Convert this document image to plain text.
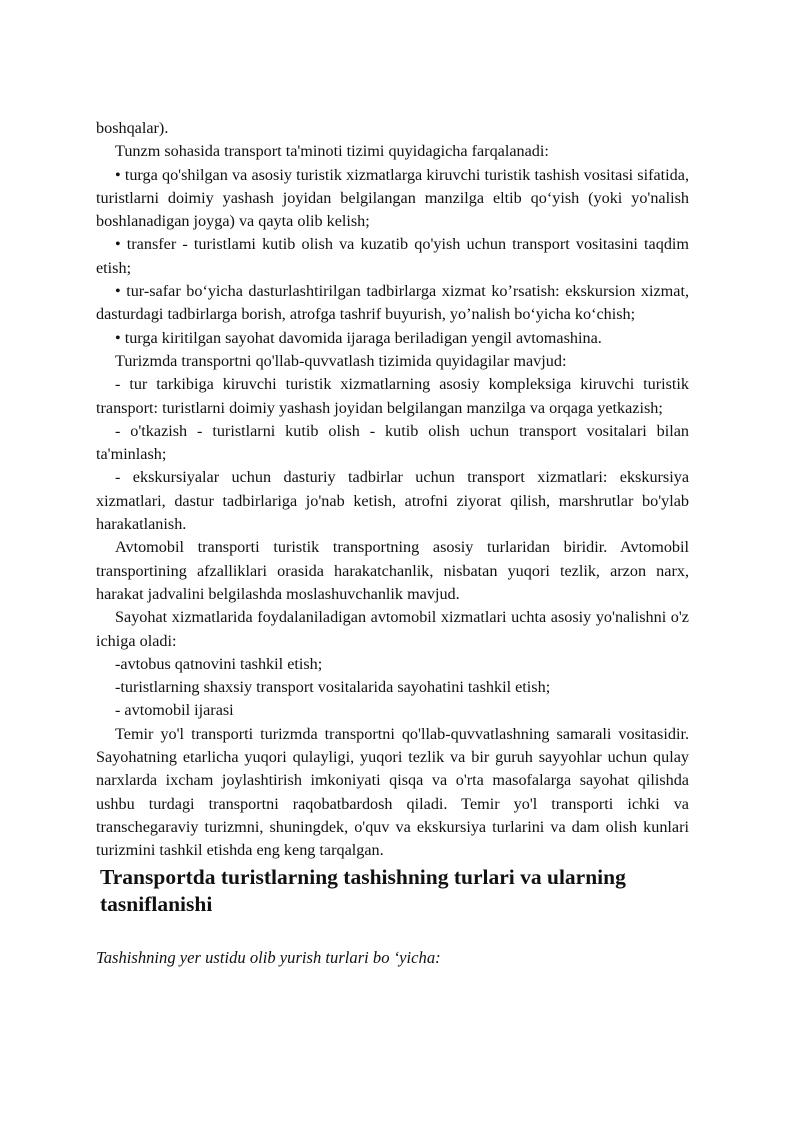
boshqalar).

Tunzm sohasida transport ta'minoti tizimi quyidagicha farqalanadi:

• turga qo'shilgan va asosiy turistik xizmatlarga kiruvchi turistik tashish vositasi sifatida, turistlarni doimiy yashash joyidan belgilangan manzilga eltib qo‘yish (yoki yo'nalish boshlanadigan joyga) va qayta olib kelish;

• transfer - turistlami kutib olish va kuzatib qo'yish uchun transport vositasini taqdim etish;

• tur-safar bo‘yicha dasturlashtirilgan tadbirlarga xizmat ko’rsatish: ekskursion xizmat, dasturdagi tadbirlarga borish, atrofga tashrif buyurish, yo’nalish bo‘yicha ko‘chish;

• turga kiritilgan sayohat davomida ijaraga beriladigan yengil avtomashina.

Turizmda transportni qo'llab-quvvatlash tizimida quyidagilar mavjud:

- tur tarkibiga kiruvchi turistik xizmatlarning asosiy kompleksiga kiruvchi turistik transport: turistlarni doimiy yashash joyidan belgilangan manzilga va orqaga yetkazish;

- o'tkazish - turistlarni kutib olish - kutib olish uchun transport vositalari bilan ta'minlash;

- ekskursiyalar uchun dasturiy tadbirlar uchun transport xizmatlari: ekskursiya xizmatlari, dastur tadbirlariga jo'nab ketish, atrofni ziyorat qilish, marshrutlar bo'ylab harakatlanish.

Avtomobil transporti turistik transportning asosiy turlaridan biridir. Avtomobil transportining afzalliklari orasida harakatchanlik, nisbatan yuqori tezlik, arzon narx, harakat jadvalini belgilashda moslashuvchanlik mavjud.

Sayohat xizmatlarida foydalaniladigan avtomobil xizmatlari uchta asosiy yo'nalishni o'z ichiga oladi:

-avtobus qatnovini tashkil etish;

-turistlarning shaxsiy transport vositalarida sayohatini tashkil etish;

- avtomobil ijarasi

Temir yo'l transporti turizmda transportni qo'llab-quvvatlashning samarali vositasidir. Sayohatning etarlicha yuqori qulayligi, yuqori tezlik va bir guruh sayyohlar uchun qulay narxlarda ixcham joylashtirish imkoniyati qisqa va o'rta masofalarga sayohat qilishda ushbu turdagi transportni raqobatbardosh qiladi. Temir yo'l transporti ichki va transchegaraviy turizmni, shuningdek, o'quv va ekskursiya turlarini va dam olish kunlari turizmini tashkil etishda eng keng tarqalgan.

Transportda turistlarning tashishning turlari va ularning tasniflanishi

Tashishning yer ustidu olib yurish turlari bo ‘yicha:
